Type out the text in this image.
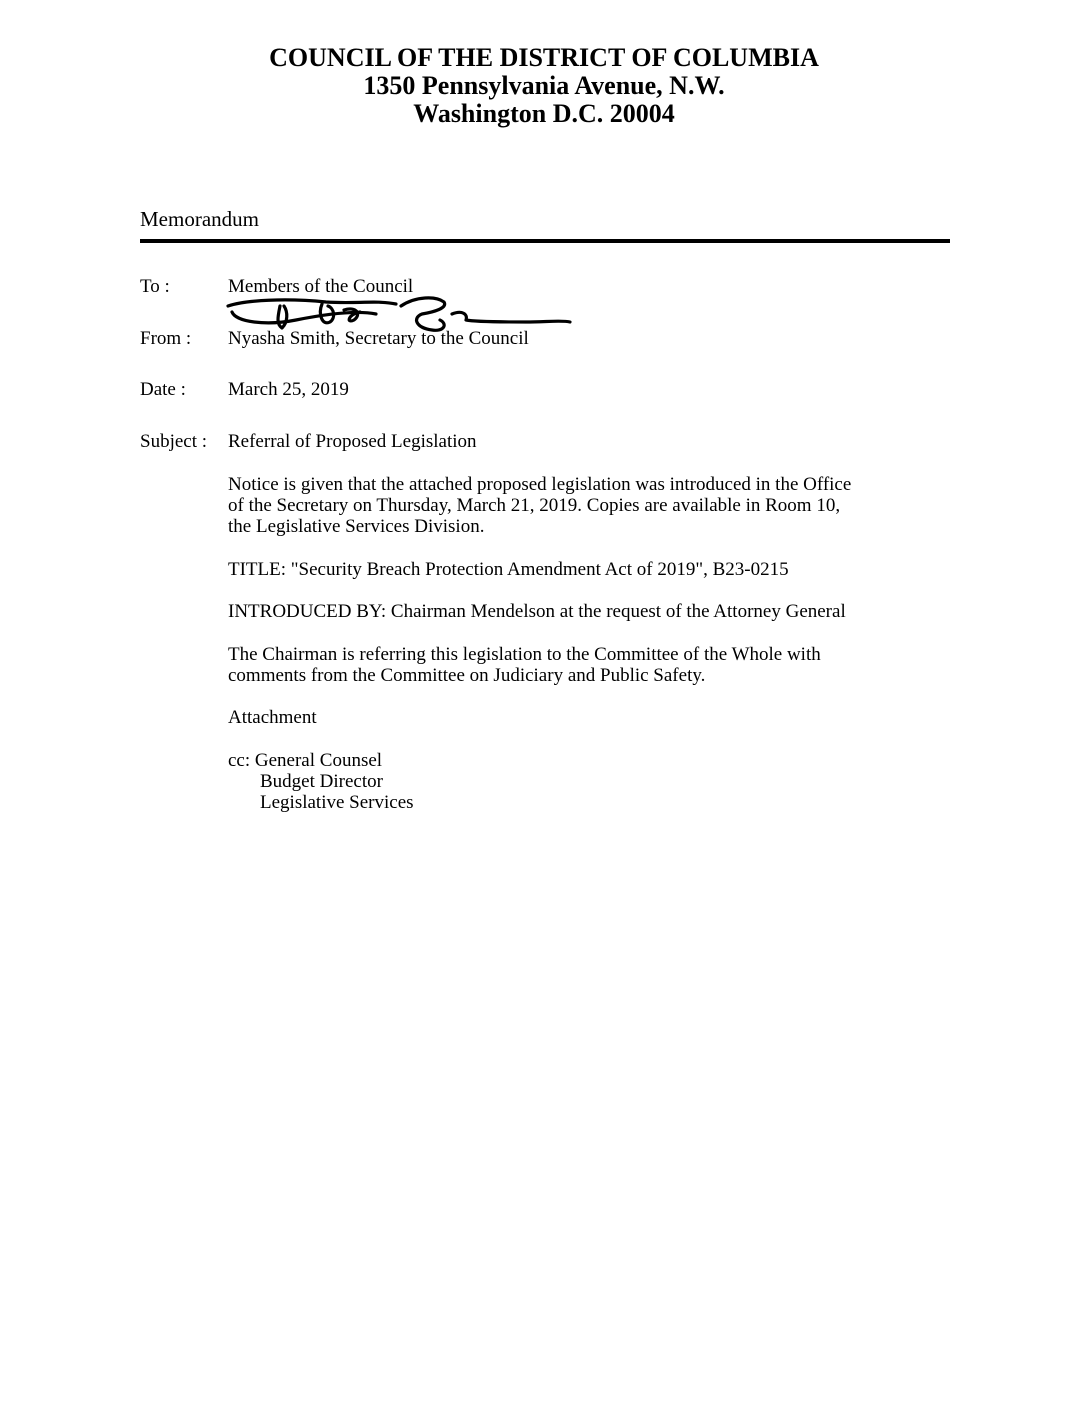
COUNCIL OF THE DISTRICT OF COLUMBIA
1350 Pennsylvania Avenue, N.W.
Washington D.C. 20004
Memorandum
To :	Members of the Council
From : Nyasha Smith, Secretary to the Council
Date : March 25, 2019
Subject : Referral of Proposed Legislation
Notice is given that the attached proposed legislation was introduced in the Office
of the Secretary on Thursday, March 21, 2019. Copies are available in Room 10,
the Legislative Services Division.
TITLE: "Security Breach Protection Amendment Act of 2019", B23-0215
INTRODUCED BY: Chairman Mendelson at the request of the Attorney General
The Chairman is referring this legislation to the Committee of the Whole with
comments from the Committee on Judiciary and Public Safety.
Attachment
cc: General Counsel
Budget Director
Legislative Services
